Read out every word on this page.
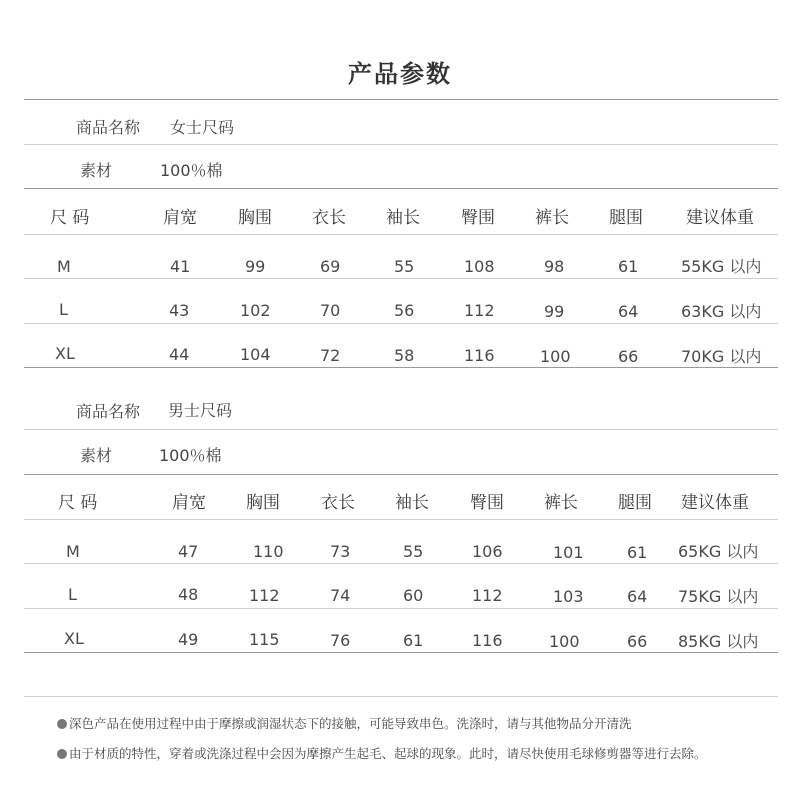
产品参数
商品名称 女士尺码
素材	100％棉
尺 码	肩宽 胸围 衣长 袖长 臀围 裤长 腿围	建议体重
M	41	99	69	55	108	98	61	55KG 以内
L	43	102	70	56	112	99	64	63KG 以内
XL	44	104	72	58	116	100	66	70KG 以内
商品名称 男士尺码
素材	100％棉
尺 码	肩宽 胸围 衣长 袖长 臀围 裤长 腿围 建议体重
M	47	110	73	55	106	101	61 65KG 以内
L	48	112	74	60	112	103	64 75KG 以内
XL	49	115	76	61	116	100	66 85KG 以内
深色产品在使用过程中由于摩擦或润湿状态下的接触，可能导致串色。洗涤时，请与其他物品分开清洗
由于材质的特性，穿着或洗涤过程中会因为摩擦产生起毛、起球的现象。此时，请尽快使用毛球修剪器等进行去除。
